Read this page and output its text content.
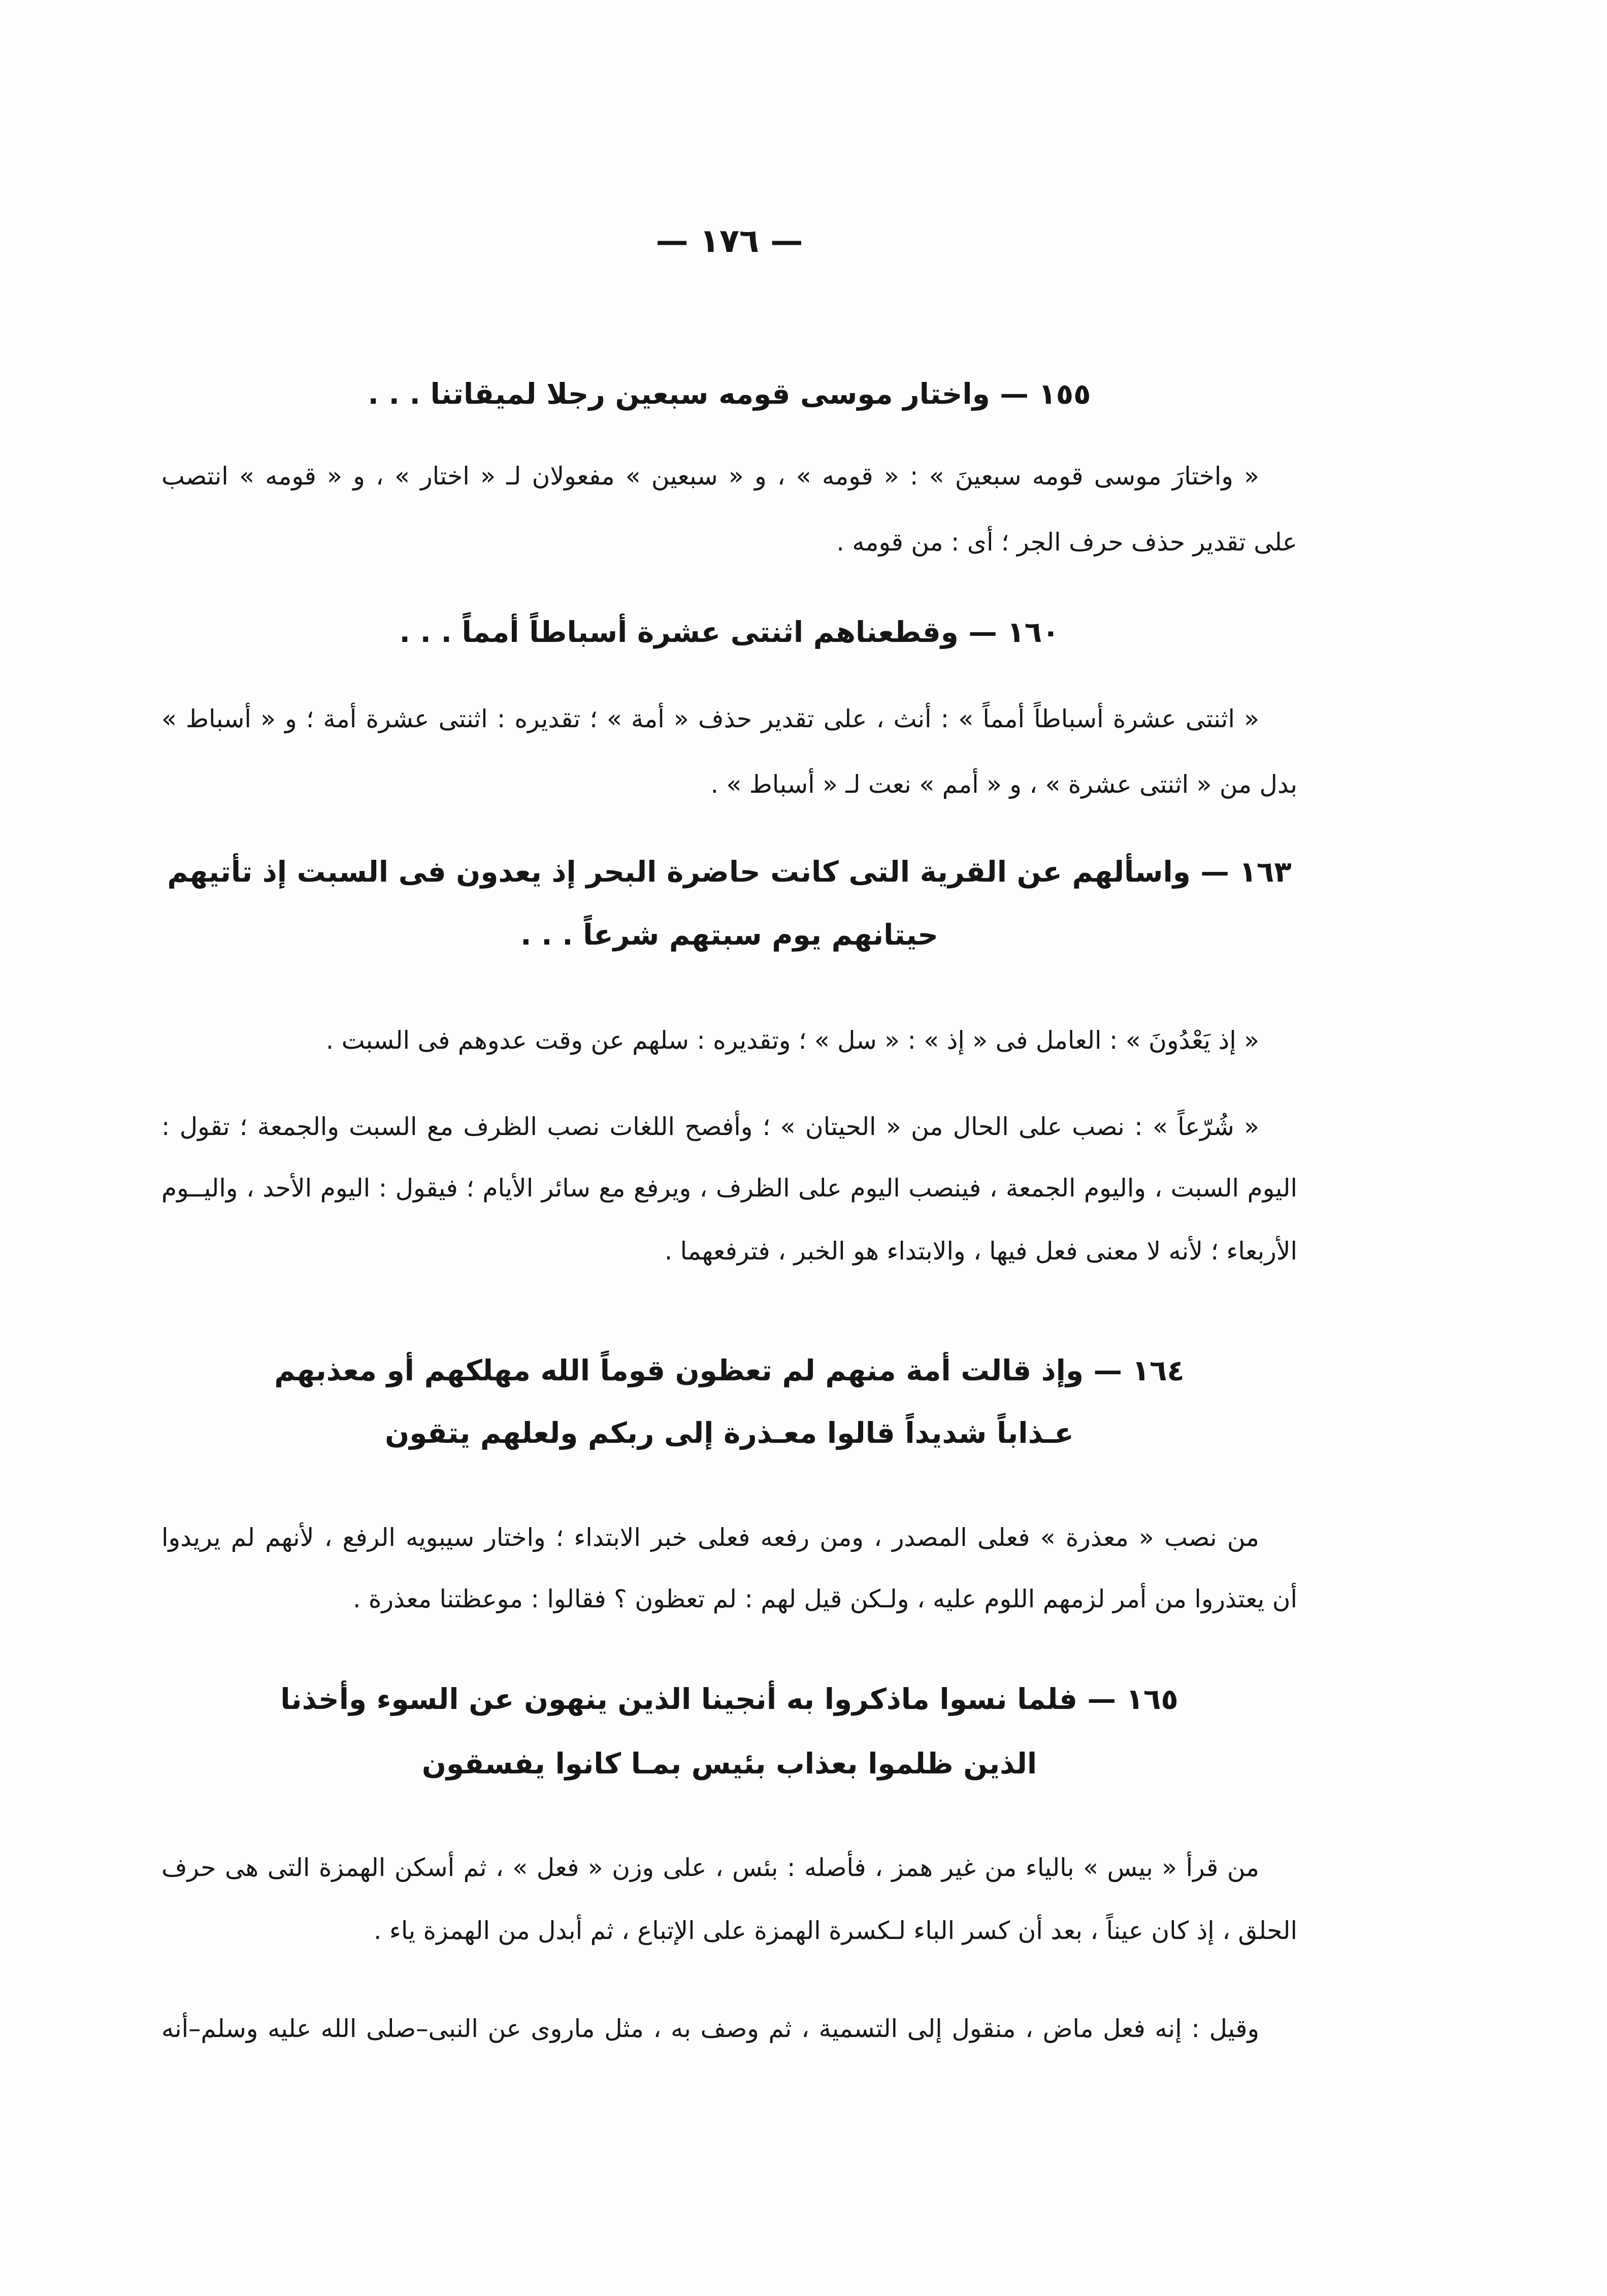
— ١٧٦ —
١٥٥ — واختار موسى قومه سبعين رجلا لميقاتنا . . .
« واختارَ موسى قومه سبعينَ » : « قومه » ، و « سبعين » مفعولان لـ « اختار » ، و « قومه » انتصب
على تقدير حذف حرف الجر ؛ أى : من قومه .
١٦٠ — وقطعناهم اثنتى عشرة أسباطاً أمماً . . .
« اثنتى عشرة أسباطاً أمماً » : أنث ، على تقدير حذف « أمة » ؛ تقديره : اثنتى عشرة أمة ؛ و « أسباط »
بدل من « اثنتى عشرة » ، و « أمم » نعت لـ « أسباط » .
١٦٣ — واسألهم عن القرية التى كانت حاضرة البحر إذ يعدون فى السبت إذ تأتيهم
حيتانهم يوم سبتهم شرعاً . . .
« إذ يَعْدُونَ » : العامل فى « إذ » : « سل » ؛ وتقديره : سلهم عن وقت عدوهم فى السبت .
« شُرّعاً » : نصب على الحال من « الحيتان » ؛ وأفصح اللغات نصب الظرف مع السبت والجمعة ؛ تقول :
اليوم السبت ، واليوم الجمعة ، فينصب اليوم على الظرف ، ويرفع مع سائر الأيام ؛ فيقول : اليوم الأحد ، واليــوم
الأربعاء ؛ لأنه لا معنى فعل فيها ، والابتداء هو الخبر ، فترفعهما .
١٦٤ — وإذ قالت أمة منهم لم تعظون قوماً الله مهلكهم أو معذبهم
عـذاباً شديداً قالوا معـذرة إلى ربكم ولعلهم يتقون
من نصب « معذرة » فعلى المصدر ، ومن رفعه فعلى خبر الابتداء ؛ واختار سيبويه الرفع ، لأنهم لم يريدوا
أن يعتذروا من أمر لزمهم اللوم عليه ، ولـكن قيل لهم : لم تعظون ؟ فقالوا : موعظتنا معذرة .
١٦٥ — فلما نسوا ماذكروا به أنجينا الذين ينهون عن السوء وأخذنا
الذين ظلموا بعذاب بئيس بمـا كانوا يفسقون
من قرأ « بيس » بالياء من غير همز ، فأصله : بئس ، على وزن « فعل » ، ثم أسكن الهمزة التى هى حرف
الحلق ، إذ كان عيناً ، بعد أن كسر الباء لـكسرة الهمزة على الإتباع ، ثم أبدل من الهمزة ياء .
وقيل : إنه فعل ماض ، منقول إلى التسمية ، ثم وصف به ، مثل ماروى عن النبى–صلى الله عليه وسلم–أنه
